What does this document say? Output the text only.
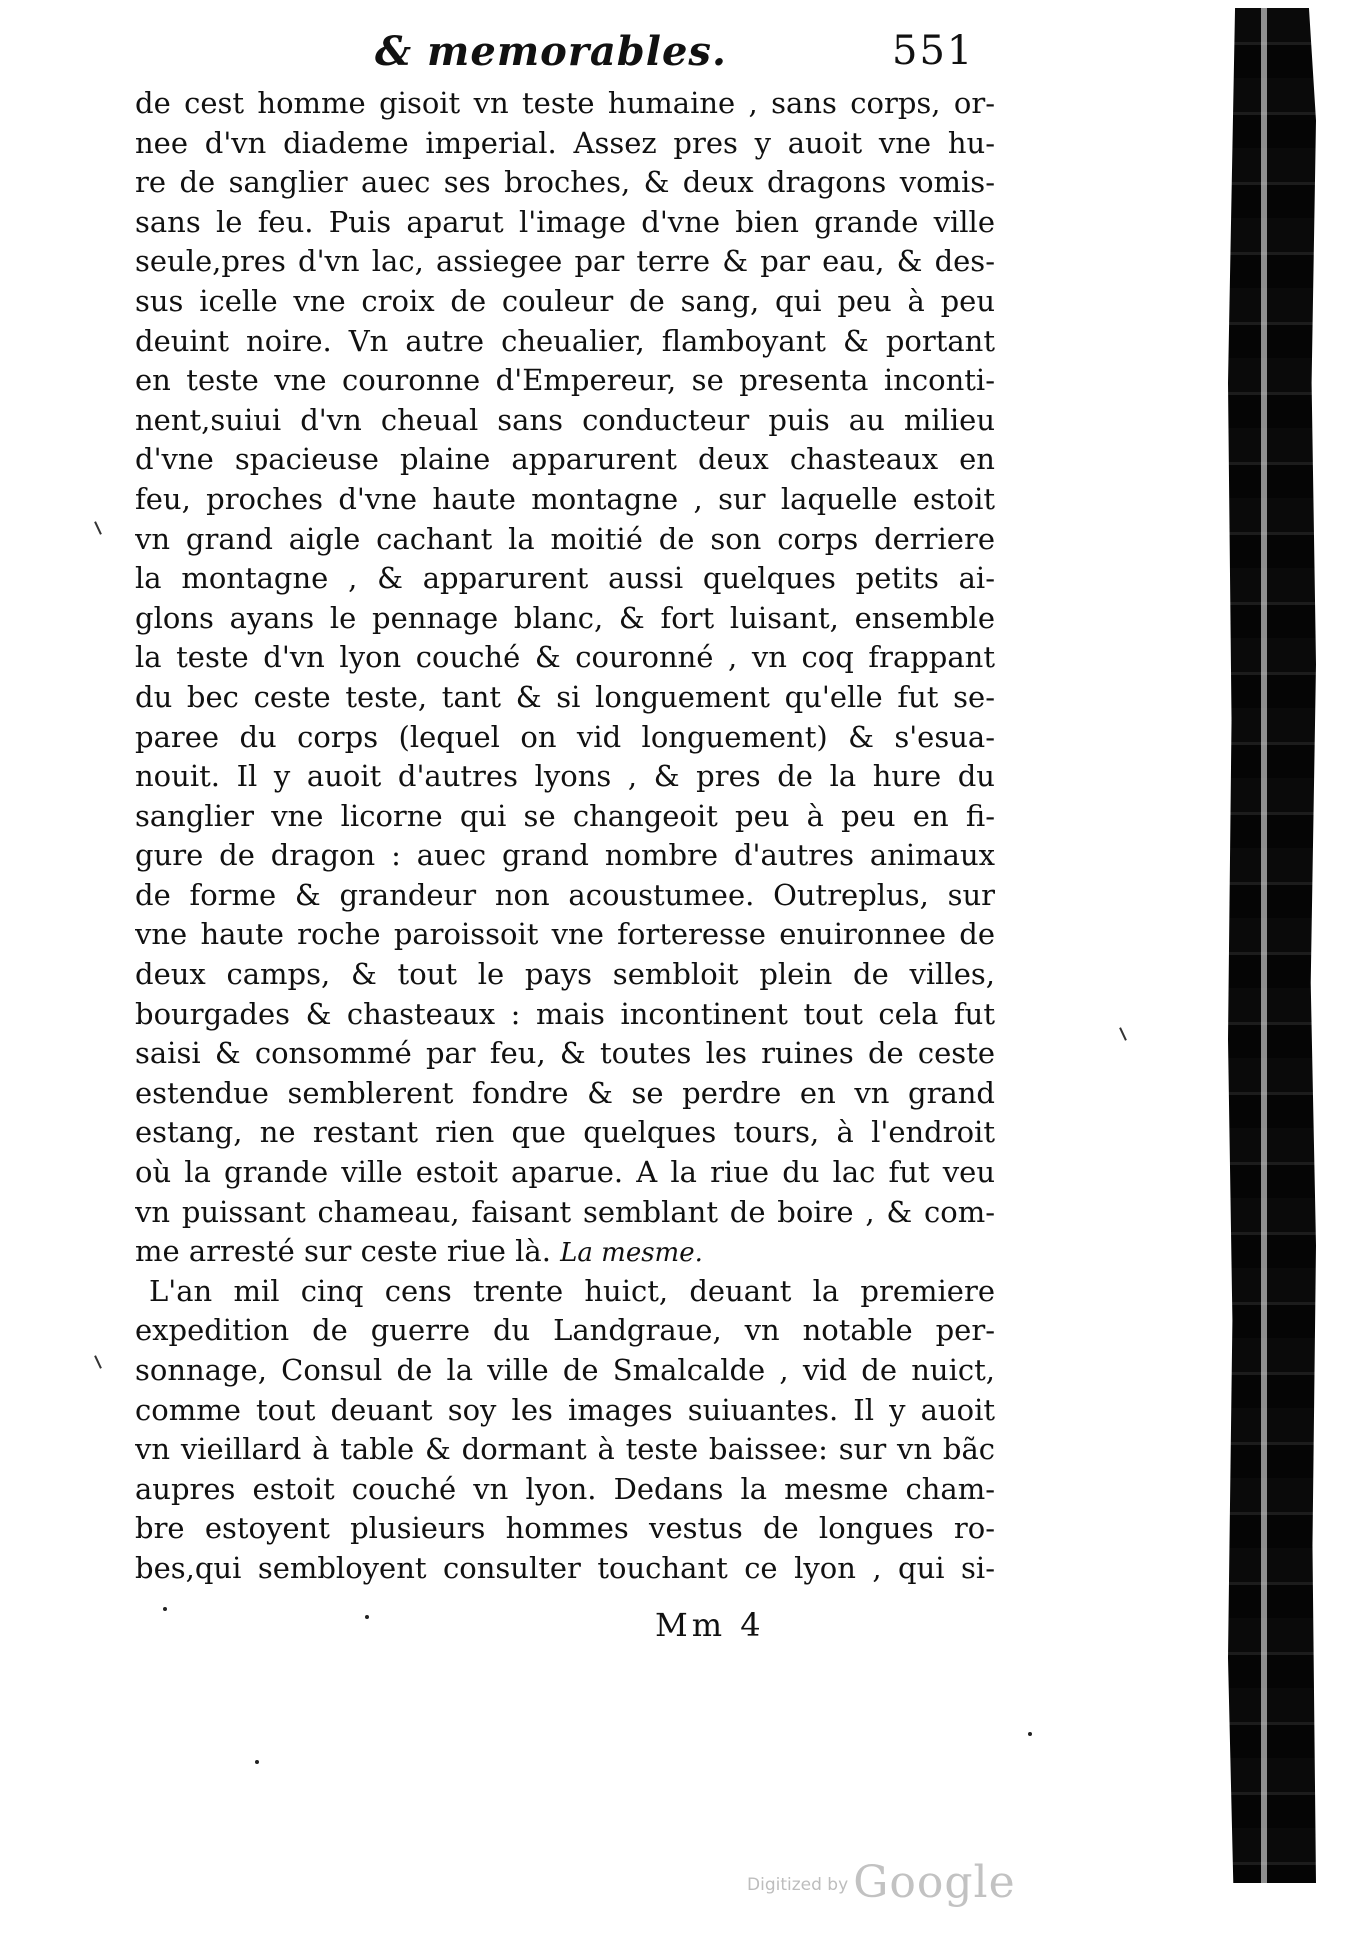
& memorables.	551
de cest homme gisoit vn teste humaine , sans corps, or-
nee d'vn diademe imperial. Assez pres y auoit vne hu-
re de sanglier auec ses broches, & deux dragons vomis-
sans le feu. Puis aparut l'image d'vne bien grande ville
seule,pres d'vn lac, assiegee par terre & par eau, & des-
sus icelle vne croix de couleur de sang, qui peu à peu
deuint noire. Vn autre cheualier, flamboyant & portant
en teste vne couronne d'Empereur, se presenta inconti-
nent,suiui d'vn cheual sans conducteur puis au milieu
d'vne spacieuse plaine apparurent deux chasteaux en
feu, proches d'vne haute montagne , sur laquelle estoit
vn grand aigle cachant la moitié de son corps derriere
la montagne , & apparurent aussi quelques petits ai-
glons ayans le pennage blanc, & fort luisant, ensemble
la teste d'vn lyon couché & couronné , vn coq frappant
du bec ceste teste, tant & si longuement qu'elle fut se-
paree du corps (lequel on vid longuement) & s'esua-
nouit. Il y auoit d'autres lyons , & pres de la hure du
sanglier vne licorne qui se changeoit peu à peu en fi-
gure de dragon : auec grand nombre d'autres animaux
de forme & grandeur non acoustumee. Outreplus, sur
vne haute roche paroissoit vne forteresse enuironnee de
deux camps, & tout le pays sembloit plein de villes,
bourgades & chasteaux : mais incontinent tout cela fut
saisi & consommé par feu, & toutes les ruines de ceste
estendue semblerent fondre & se perdre en vn grand
estang, ne restant rien que quelques tours, à l'endroit
où la grande ville estoit aparue. A la riue du lac fut veu
vn puissant chameau, faisant semblant de boire , & com-
me arresté sur ceste riue là. La mesme.
L'an mil cinq cens trente huict, deuant la premiere
expedition de guerre du Landgraue, vn notable per-
sonnage, Consul de la ville de Smalcalde , vid de nuict,
comme tout deuant soy les images suiuantes. Il y auoit
vn vieillard à table & dormant à teste baissee: sur vn bãc
aupres estoit couché vn lyon. Dedans la mesme cham-
bre estoyent plusieurs hommes vestus de longues ro-
bes,qui sembloyent consulter touchant ce lyon , qui si-
Mm 4
Digitized by Google
